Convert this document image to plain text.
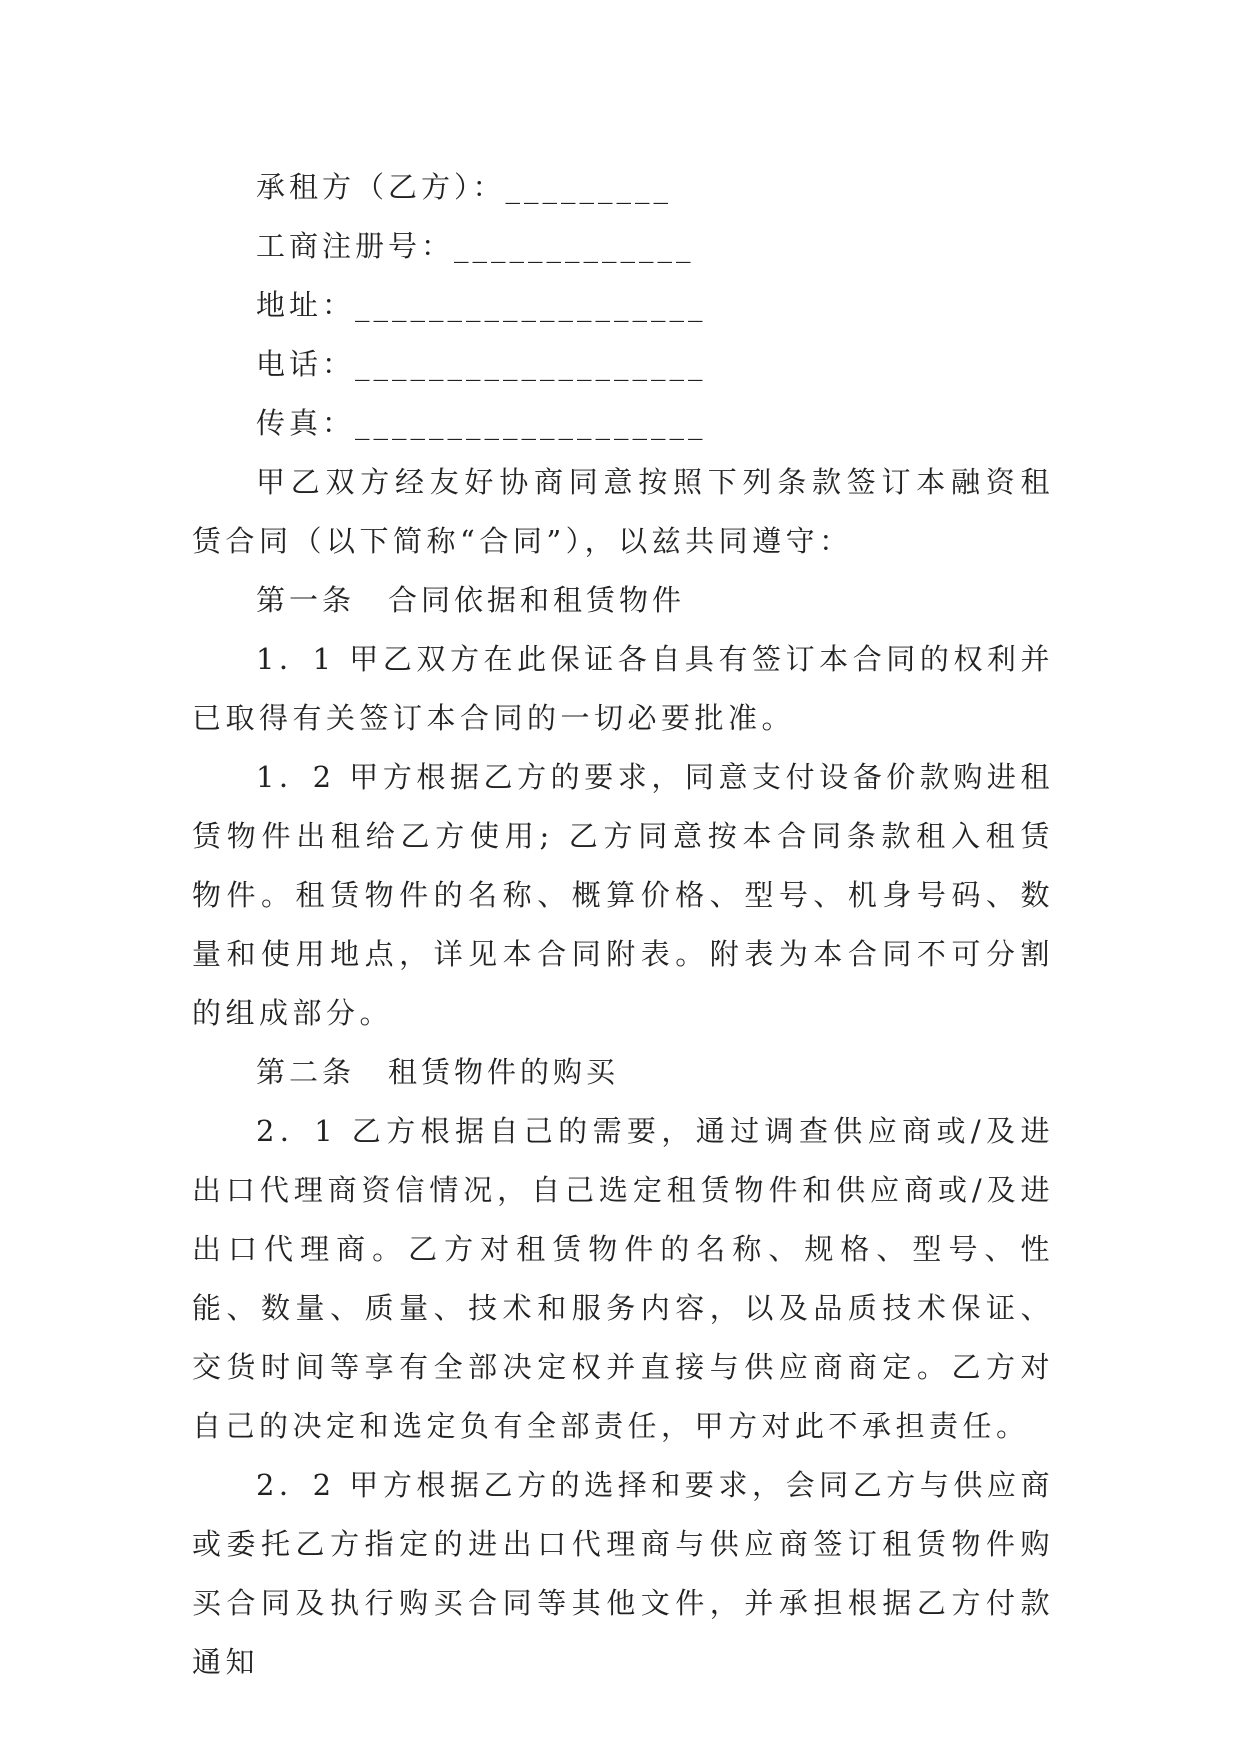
承租方（乙方）：_________

工商注册号：_____________

地址：___________________

电话：___________________

传真：___________________

甲乙双方经友好协商同意按照下列条款签订本融资租赁合同（以下简称“合同”），以兹共同遵守：

第一条　合同依据和租赁物件

1．1 甲乙双方在此保证各自具有签订本合同的权利并已取得有关签订本合同的一切必要批准。

1．2 甲方根据乙方的要求，同意支付设备价款购进租赁物件出租给乙方使用; 乙方同意按本合同条款租入租赁物件。租赁物件的名称、概算价格、型号、机身号码、数量和使用地点，详见本合同附表。附表为本合同不可分割的组成部分。

第二条　租赁物件的购买

2．1 乙方根据自己的需要，通过调查供应商或/及进出口代理商资信情况，自己选定租赁物件和供应商或/及进出口代理商。乙方对租赁物件的名称、规格、型号、性能、数量、质量、技术和服务内容，以及品质技术保证、交货时间等享有全部决定权并直接与供应商商定。乙方对自己的决定和选定负有全部责任，甲方对此不承担责任。

2．2 甲方根据乙方的选择和要求，会同乙方与供应商或委托乙方指定的进出口代理商与供应商签订租赁物件购买合同及执行购买合同等其他文件，并承担根据乙方付款通知
